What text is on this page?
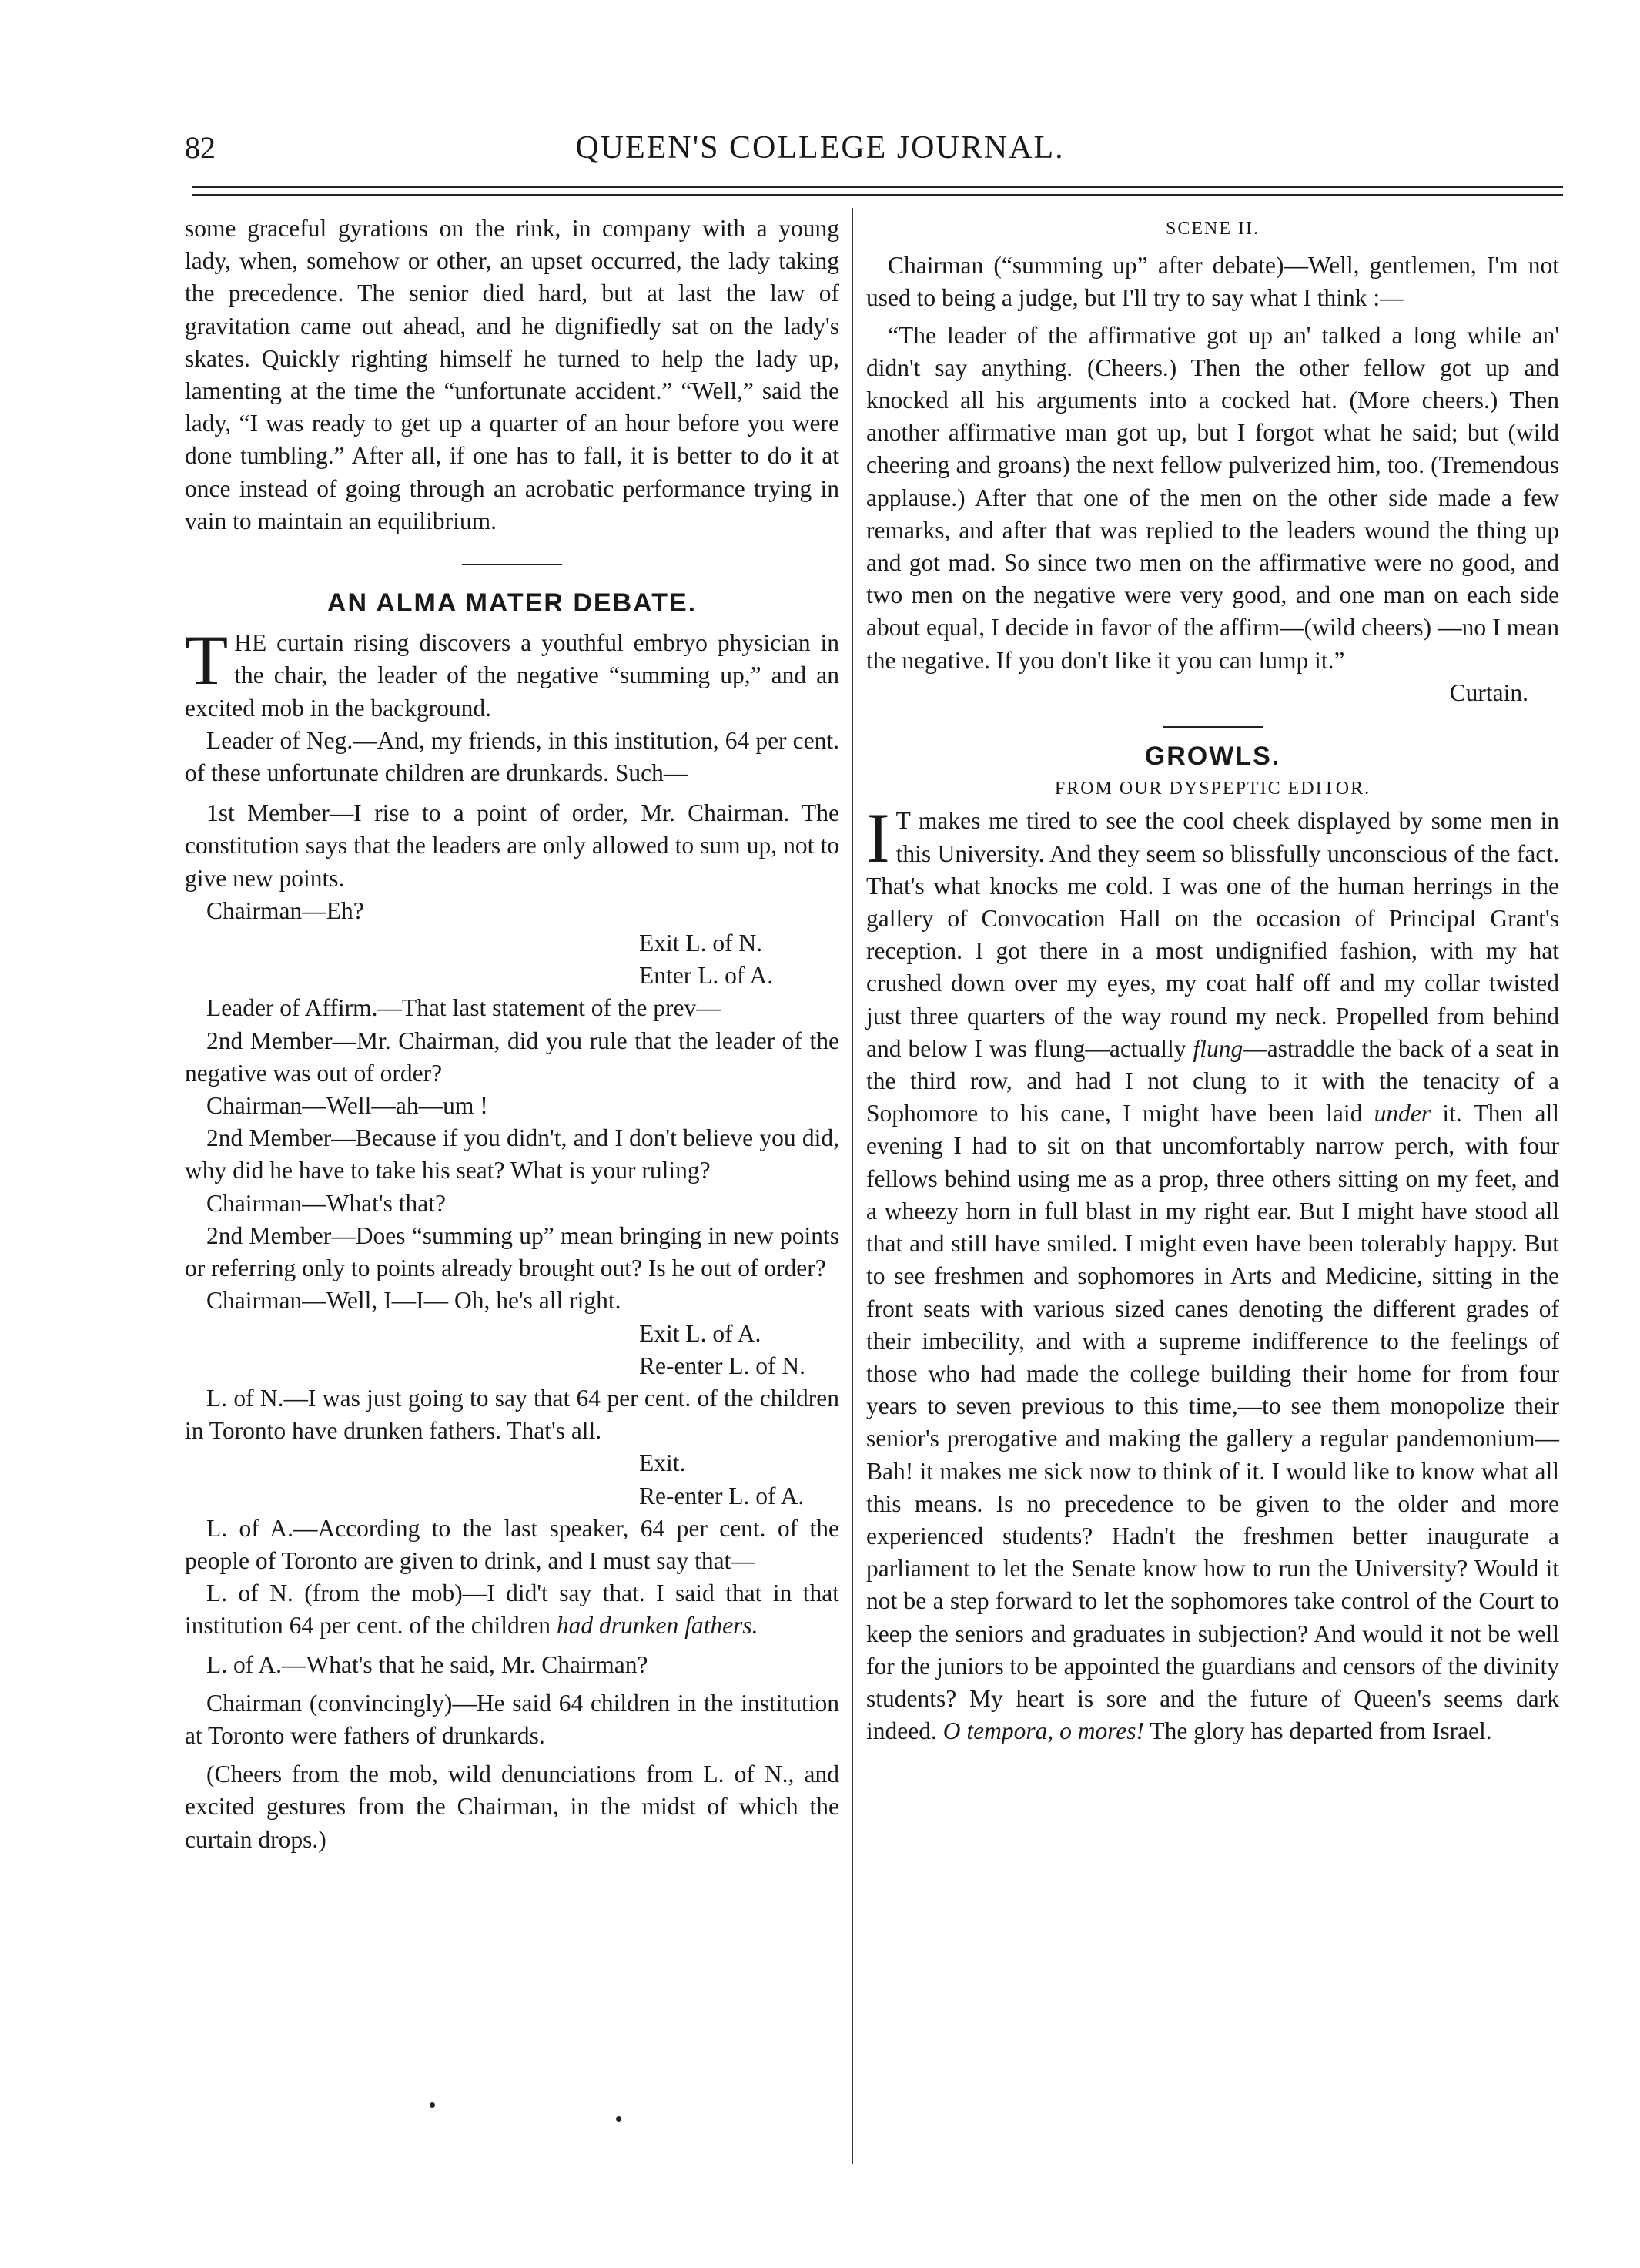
82	QUEEN'S COLLEGE JOURNAL.

some graceful gyrations on the rink, in company with a young lady, when, somehow or other, an upset occurred, the lady taking the precedence. The senior died hard, but at last the law of gravitation came out ahead, and he dignifiedly sat on the lady's skates. Quickly righting himself he turned to help the lady up, lamenting at the time the “unfortunate accident.” “Well,” said the lady, “I was ready to get up a quarter of an hour before you were done tumbling.” After all, if one has to fall, it is better to do it at once instead of going through an acrobatic performance trying in vain to maintain an equilibrium.

AN ALMA MATER DEBATE.

THE curtain rising discovers a youthful embryo physician in the chair, the leader of the negative “summing up,” and an excited mob in the background.

Leader of Neg.—And, my friends, in this institution, 64 per cent. of these unfortunate children are drunkards. Such—

1st Member—I rise to a point of order, Mr. Chairman. The constitution says that the leaders are only allowed to sum up, not to give new points.

Chairman—Eh?

Exit L. of N.

Enter L. of A.

Leader of Affirm.—That last statement of the prev—

2nd Member—Mr. Chairman, did you rule that the leader of the negative was out of order?

Chairman—Well—ah—um !

2nd Member—Because if you didn't, and I don't believe you did, why did he have to take his seat? What is your ruling?

Chairman—What's that?

2nd Member—Does “summing up” mean bringing in new points or referring only to points already brought out? Is he out of order?

Chairman—Well, I—I— Oh, he's all right.

Exit L. of A.

Re-enter L. of N.

L. of N.—I was just going to say that 64 per cent. of the children in Toronto have drunken fathers. That's all.

Exit.

Re-enter L. of A.

L. of A.—According to the last speaker, 64 per cent. of the people of Toronto are given to drink, and I must say that—

L. of N. (from the mob)—I did't say that. I said that in that institution 64 per cent. of the children had drunken fathers.

L. of A.—What's that he said, Mr. Chairman?

Chairman (convincingly)—He said 64 children in the institution at Toronto were fathers of drunkards.

(Cheers from the mob, wild denunciations from L. of N., and excited gestures from the Chairman, in the midst of which the curtain drops.)

SCENE II.

Chairman (“summing up” after debate)—Well, gentlemen, I'm not used to being a judge, but I'll try to say what I think :—

“The leader of the affirmative got up an' talked a long while an' didn't say anything. (Cheers.) Then the other fellow got up and knocked all his arguments into a cocked hat. (More cheers.) Then another affirmative man got up, but I forgot what he said; but (wild cheering and groans) the next fellow pulverized him, too. (Tremendous applause.) After that one of the men on the other side made a few remarks, and after that was replied to the leaders wound the thing up and got mad. So since two men on the affirmative were no good, and two men on the negative were very good, and one man on each side about equal, I decide in favor of the affirm—(wild cheers) —no I mean the negative. If you don't like it you can lump it.”

Curtain.

GROWLS.

FROM OUR DYSPEPTIC EDITOR.

I T makes me tired to see the cool cheek displayed by some men in this University. And they seem so blissfully unconscious of the fact. That's what knocks me cold. I was one of the human herrings in the gallery of Convocation Hall on the occasion of Principal Grant's reception. I got there in a most undignified fashion, with my hat crushed down over my eyes, my coat half off and my collar twisted just three quarters of the way round my neck. Propelled from behind and below I was flung—actually flung—astraddle the back of a seat in the third row, and had I not clung to it with the tenacity of a Sophomore to his cane, I might have been laid under it. Then all evening I had to sit on that uncomfortably narrow perch, with four fellows behind using me as a prop, three others sitting on my feet, and a wheezy horn in full blast in my right ear. But I might have stood all that and still have smiled. I might even have been tolerably happy. But to see freshmen and sophomores in Arts and Medicine, sitting in the front seats with various sized canes denoting the different grades of their imbecility, and with a supreme indifference to the feelings of those who had made the college building their home for from four years to seven previous to this time,—to see them monopolize their senior's prerogative and making the gallery a regular pandemonium—Bah! it makes me sick now to think of it. I would like to know what all this means. Is no precedence to be given to the older and more experienced students? Hadn't the freshmen better inaugurate a parliament to let the Senate know how to run the University? Would it not be a step forward to let the sophomores take control of the Court to keep the seniors and graduates in subjection? And would it not be well for the juniors to be appointed the guardians and censors of the divinity students? My heart is sore and the future of Queen's seems dark indeed. O tempora, o mores! The glory has departed from Israel.
